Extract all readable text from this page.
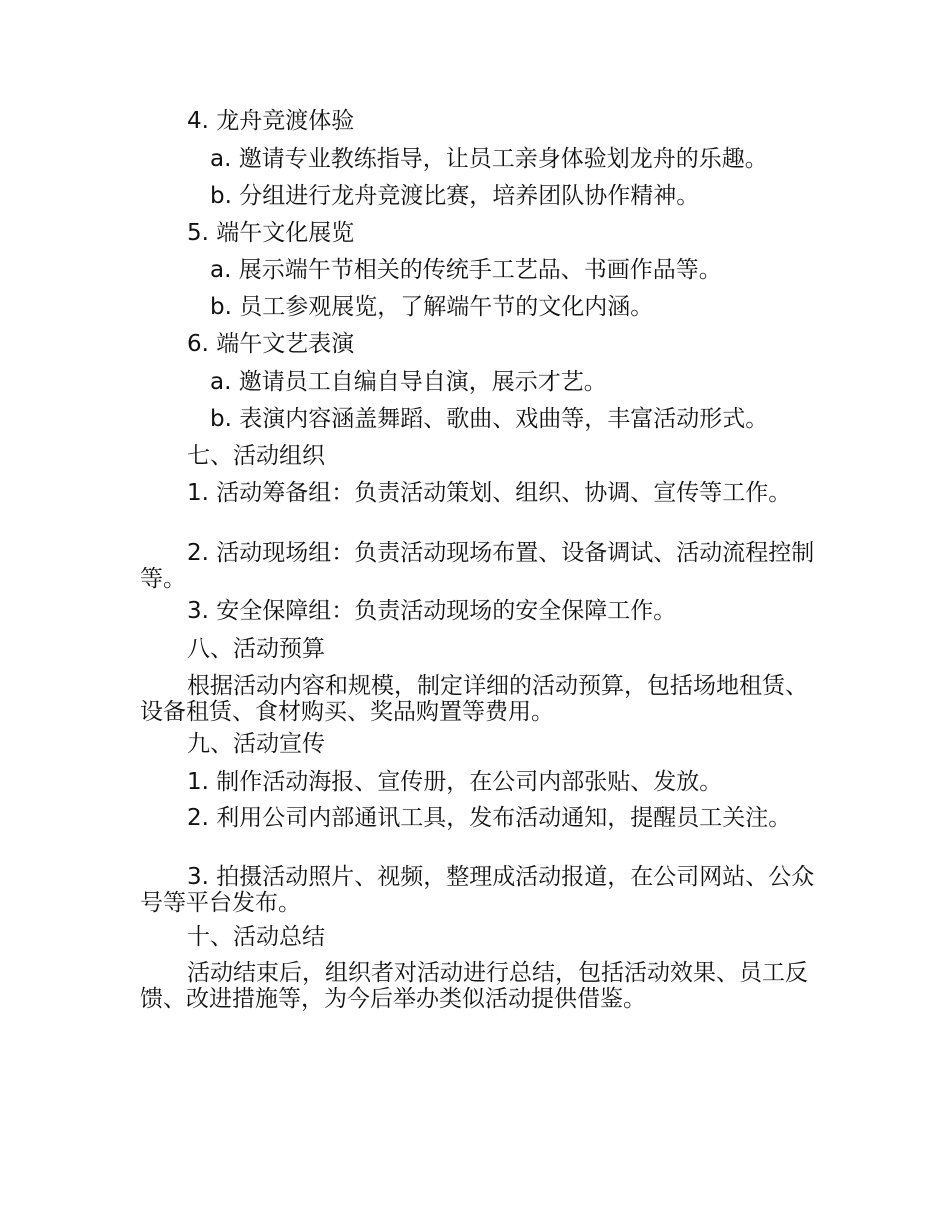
4. 龙舟竞渡体验
a. 邀请专业教练指导，让员工亲身体验划龙舟的乐趣。
b. 分组进行龙舟竞渡比赛，培养团队协作精神。
5. 端午文化展览
a. 展示端午节相关的传统手工艺品、书画作品等。
b. 员工参观展览，了解端午节的文化内涵。
6. 端午文艺表演
a. 邀请员工自编自导自演，展示才艺。
b. 表演内容涵盖舞蹈、歌曲、戏曲等，丰富活动形式。
七、活动组织
1. 活动筹备组：负责活动策划、组织、协调、宣传等工作。
2. 活动现场组：负责活动现场布置、设备调试、活动流程控制等。
3. 安全保障组：负责活动现场的安全保障工作。
八、活动预算
根据活动内容和规模，制定详细的活动预算，包括场地租赁、设备租赁、食材购买、奖品购置等费用。
九、活动宣传
1. 制作活动海报、宣传册，在公司内部张贴、发放。
2. 利用公司内部通讯工具，发布活动通知，提醒员工关注。
3. 拍摄活动照片、视频，整理成活动报道，在公司网站、公众号等平台发布。
十、活动总结
活动结束后，组织者对活动进行总结，包括活动效果、员工反馈、改进措施等，为今后举办类似活动提供借鉴。
